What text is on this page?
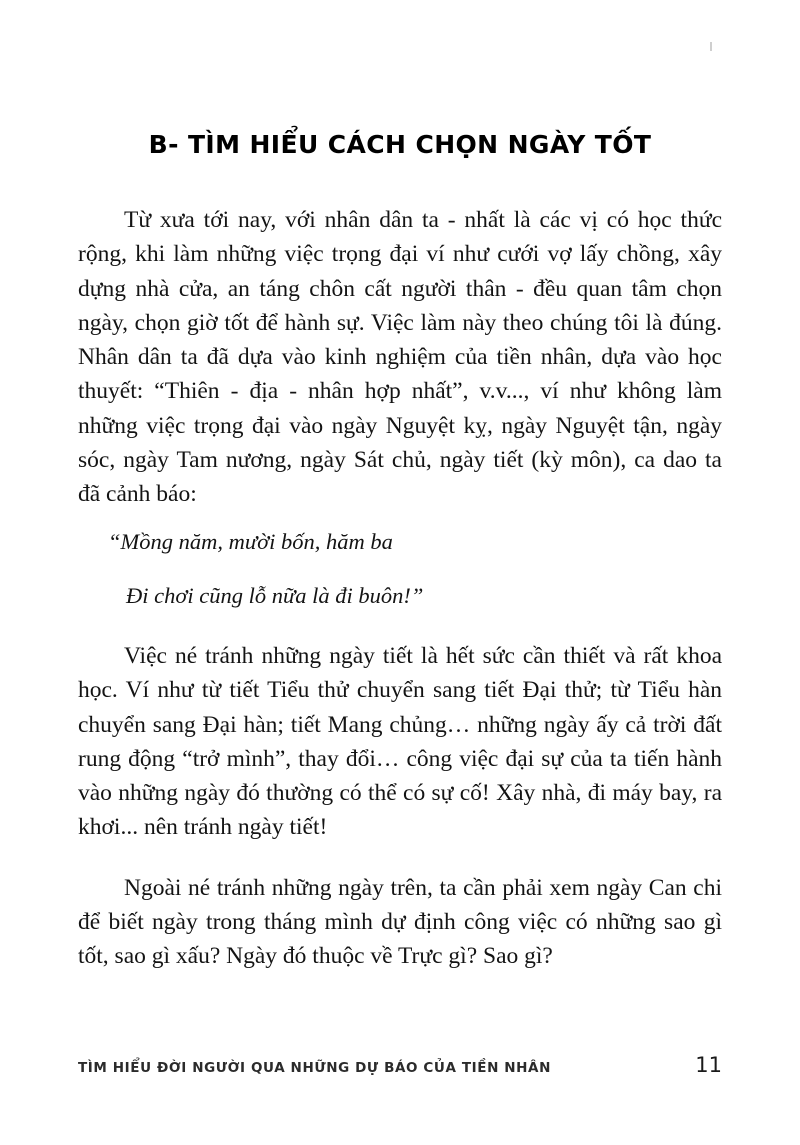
B- TÌM HIỂU CÁCH CHỌN NGÀY TỐT

Từ xưa tới nay, với nhân dân ta - nhất là các vị có học thức rộng, khi làm những việc trọng đại ví như cưới vợ lấy chồng, xây dựng nhà cửa, an táng chôn cất người thân - đều quan tâm chọn ngày, chọn giờ tốt để hành sự. Việc làm này theo chúng tôi là đúng. Nhân dân ta đã dựa vào kinh nghiệm của tiền nhân, dựa vào học thuyết: “Thiên - địa - nhân hợp nhất”, v.v..., ví như không làm những việc trọng đại vào ngày Nguyệt kỵ, ngày Nguyệt tận, ngày sóc, ngày Tam nương, ngày Sát chủ, ngày tiết (kỳ môn), ca dao ta đã cảnh báo:

“Mồng năm, mười bốn, hăm ba

Đi chơi cũng lỗ nữa là đi buôn!”

Việc né tránh những ngày tiết là hết sức cần thiết và rất khoa học. Ví như từ tiết Tiểu thử chuyển sang tiết Đại thử; từ Tiểu hàn chuyển sang Đại hàn; tiết Mang chủng… những ngày ấy cả trời đất rung động “trở mình”, thay đổi… công việc đại sự của ta tiến hành vào những ngày đó thường có thể có sự cố! Xây nhà, đi máy bay, ra khơi... nên tránh ngày tiết!

Ngoài né tránh những ngày trên, ta cần phải xem ngày Can chi để biết ngày trong tháng mình dự định công việc có những sao gì tốt, sao gì xấu? Ngày đó thuộc về Trực gì? Sao gì?

TÌM HIỂU ĐỜI NGƯỜI QUA NHỮNG DỰ BÁO CỦA TIỀN NHÂN	11
